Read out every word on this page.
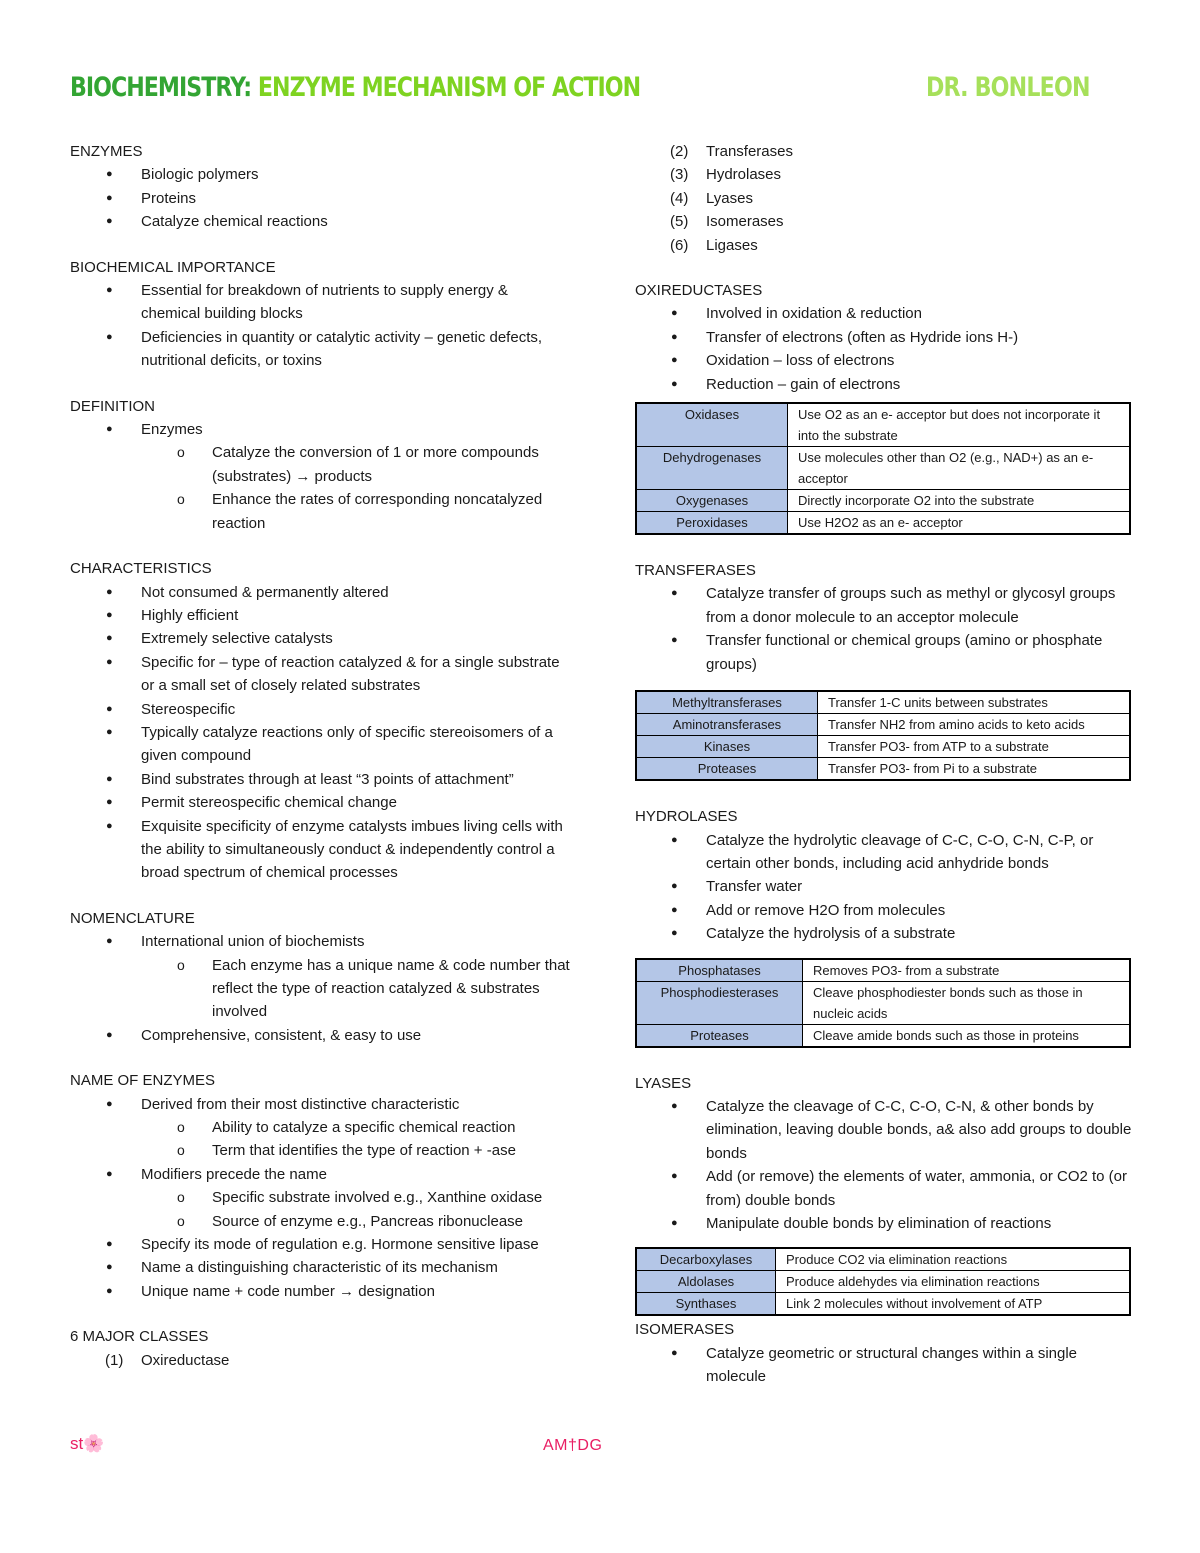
BIOCHEMISTRY: ENZYME MECHANISM OF ACTION	DR. BONLEON

ENZYMES

● Biologic polymers
● Proteins
● Catalyze chemical reactions

BIOCHEMICAL IMPORTANCE

● Essential for breakdown of nutrients to supply energy & chemical building blocks
● Deficiencies in quantity or catalytic activity – genetic defects, nutritional deficits, or toxins

DEFINITION

● Enzymes
o Catalyze the conversion of 1 or more compounds (substrates) → products
o Enhance the rates of corresponding noncatalyzed reaction

CHARACTERISTICS

● Not consumed & permanently altered
● Highly efficient
● Extremely selective catalysts
● Specific for – type of reaction catalyzed & for a single substrate or a small set of closely related substrates
● Stereospecific
● Typically catalyze reactions only of specific stereoisomers of a given compound
● Bind substrates through at least “3 points of attachment”
● Permit stereospecific chemical change
● Exquisite specificity of enzyme catalysts imbues living cells with the ability to simultaneously conduct & independently control a broad spectrum of chemical processes

NOMENCLATURE

● International union of biochemists
o Each enzyme has a unique name & code number that reflect the type of reaction catalyzed & substrates involved
● Comprehensive, consistent, & easy to use

NAME OF ENZYMES

● Derived from their most distinctive characteristic
o Ability to catalyze a specific chemical reaction
o Term that identifies the type of reaction + -ase
● Modifiers precede the name
o Specific substrate involved e.g., Xanthine oxidase
o Source of enzyme e.g., Pancreas ribonuclease
● Specify its mode of regulation e.g. Hormone sensitive lipase
● Name a distinguishing characteristic of its mechanism
● Unique name + code number → designation

6 MAJOR CLASSES

(1) Oxireductase
(2) Transferases
(3) Hydrolases
(4) Lyases
(5) Isomerases
(6) Ligases

OXIREDUCTASES

● Involved in oxidation & reduction
● Transfer of electrons (often as Hydride ions H-)
● Oxidation – loss of electrons
● Reduction – gain of electrons
Oxidases	Use O2 as an e- acceptor but does not incorporate it into the substrate
Dehydrogenases	Use molecules other than O2 (e.g., NAD+) as an e- acceptor
Oxygenases	Directly incorporate O2 into the substrate
Peroxidases	Use H2O2 as an e- acceptor

TRANSFERASES

● Catalyze transfer of groups such as methyl or glycosyl groups from a donor molecule to an acceptor molecule
● Transfer functional or chemical groups (amino or phosphate groups)
Methyltransferases	Transfer 1-C units between substrates
Aminotransferases	Transfer NH2 from amino acids to keto acids
Kinases	Transfer PO3- from ATP to a substrate
Proteases	Transfer PO3- from Pi to a substrate

HYDROLASES

● Catalyze the hydrolytic cleavage of C-C, C-O, C-N, C-P, or certain other bonds, including acid anhydride bonds
● Transfer water
● Add or remove H2O from molecules
● Catalyze the hydrolysis of a substrate
Phosphatases	Removes PO3- from a substrate
Phosphodiesterases	Cleave phosphodiester bonds such as those in nucleic acids
Proteases	Cleave amide bonds such as those in proteins

LYASES

● Catalyze the cleavage of C-C, C-O, C-N, & other bonds by elimination, leaving double bonds, a& also add groups to double bonds
● Add (or remove) the elements of water, ammonia, or CO2 to (or from) double bonds
● Manipulate double bonds by elimination of reactions
Decarboxylases	Produce CO2 via elimination reactions
Aldolases	Produce aldehydes via elimination reactions
Synthases	Link 2 molecules without involvement of ATP

ISOMERASES

● Catalyze geometric or structural changes within a single molecule
st🌸	AM†DG
